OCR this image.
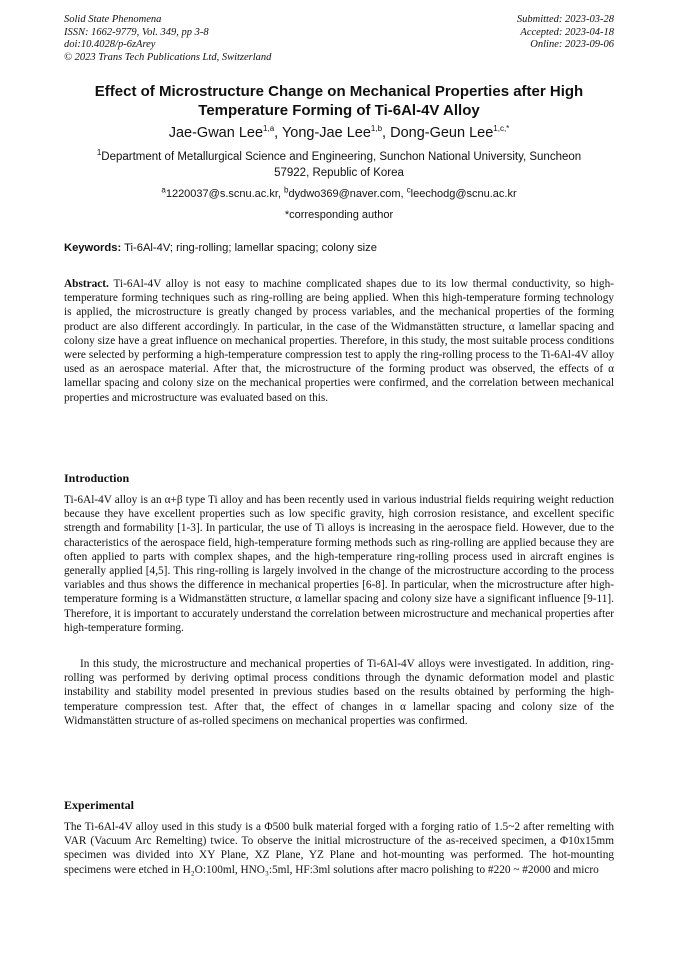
Solid State Phenomena
ISSN: 1662-9779, Vol. 349, pp 3-8
doi:10.4028/p-6zArey
© 2023 Trans Tech Publications Ltd, Switzerland
Submitted: 2023-03-28
Accepted: 2023-04-18
Online: 2023-09-06
Effect of Microstructure Change on Mechanical Properties after High
Temperature Forming of Ti-6Al-4V Alloy
Jae-Gwan Lee$^{1,a}$, Yong-Jae Lee$^{1,b}$, Dong-Geun Lee$^{1,c,*}$
$^1$Department of Metallurgical Science and Engineering, Sunchon National University, Suncheon
57922, Republic of Korea
$^a$1220037@s.scnu.ac.kr, $^b$dydwo369@naver.com, $^c$leechodg@scnu.ac.kr
*corresponding author
Keywords: Ti-6Al-4V; ring-rolling; lamellar spacing; colony size
Abstract. Ti-6Al-4V alloy is not easy to machine complicated shapes due to its low thermal conductivity, so high-temperature forming techniques such as ring-rolling are being applied. When this high-temperature forming technology is applied, the microstructure is greatly changed by process variables, and the mechanical properties of the forming product are also different accordingly. In particular, in the case of the Widmanstätten structure, α lamellar spacing and colony size have a great influence on mechanical properties. Therefore, in this study, the most suitable process conditions were selected by performing a high-temperature compression test to apply the ring-rolling process to the Ti-6Al-4V alloy used as an aerospace material. After that, the microstructure of the forming product was observed, the effects of α lamellar spacing and colony size on the mechanical properties were confirmed, and the correlation between mechanical properties and microstructure was evaluated based on this.
Introduction
Ti-6Al-4V alloy is an α+β type Ti alloy and has been recently used in various industrial fields requiring weight reduction because they have excellent properties such as low specific gravity, high corrosion resistance, and excellent specific strength and formability [1-3]. In particular, the use of Ti alloys is increasing in the aerospace field. However, due to the characteristics of the aerospace field, high-temperature forming methods such as ring-rolling are applied because they are often applied to parts with complex shapes, and the high-temperature ring-rolling process used in aircraft engines is generally applied [4,5]. This ring-rolling is largely involved in the change of the microstructure according to the process variables and thus shows the difference in mechanical properties [6-8]. In particular, when the microstructure after high-temperature forming is a Widmanstätten structure, α lamellar spacing and colony size have a significant influence [9-11]. Therefore, it is important to accurately understand the correlation between microstructure and mechanical properties after high-temperature forming.
In this study, the microstructure and mechanical properties of Ti-6Al-4V alloys were investigated. In addition, ring-rolling was performed by deriving optimal process conditions through the dynamic deformation model and plastic instability and stability model presented in previous studies based on the results obtained by performing the high-temperature compression test. After that, the effect of changes in α lamellar spacing and colony size of the Widmanstätten structure of as-rolled specimens on mechanical properties was confirmed.
Experimental
The Ti-6Al-4V alloy used in this study is a Φ500 bulk material forged with a forging ratio of 1.5~2 after remelting with VAR (Vacuum Arc Remelting) twice. To observe the initial microstructure of the as-received specimen, a Φ10x15mm specimen was divided into XY Plane, XZ Plane, YZ Plane and hot-mounting was performed. The hot-mounting specimens were etched in H₂O:100ml, HNO₃:5ml, HF:3ml solutions after macro polishing to #220 ~ #2000 and micro
